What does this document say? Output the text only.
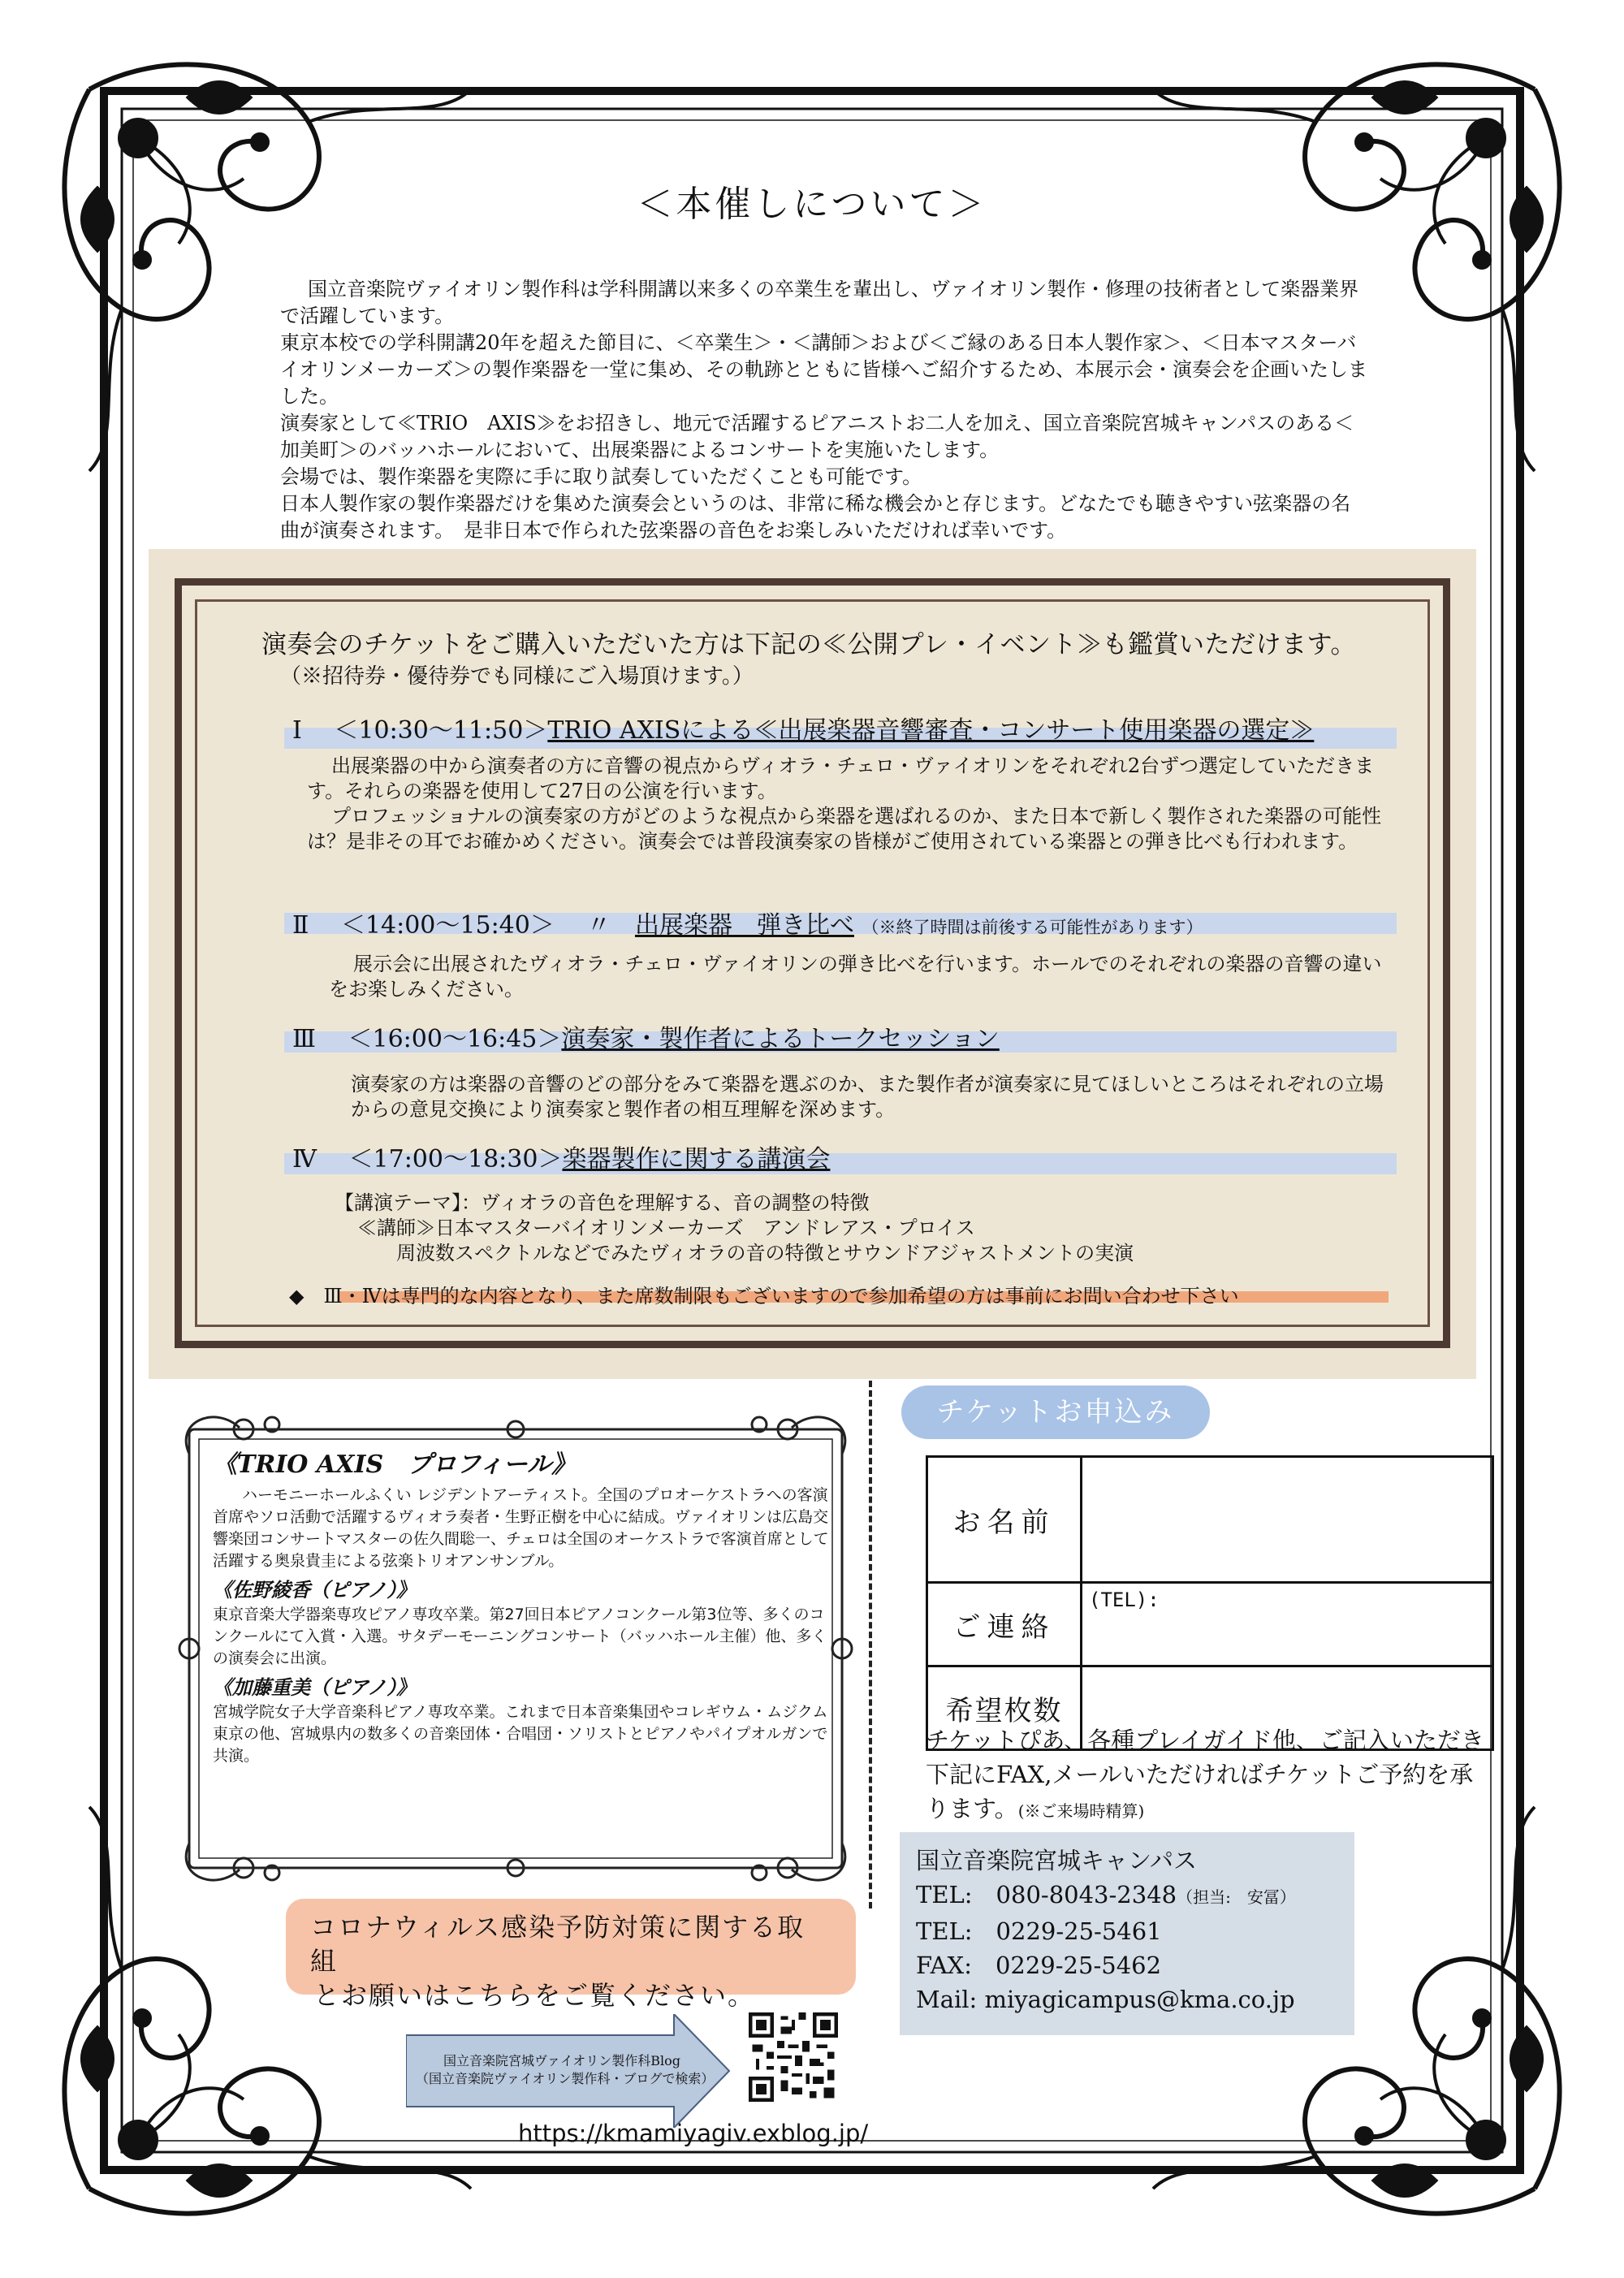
＜本催しについて＞

国立音楽院ヴァイオリン製作科は学科開講以来多くの卒業生を輩出し、ヴァイオリン製作・修理の技術者として楽器業界で活躍しています。

東京本校での学科開講20年を超えた節目に、＜卒業生＞・＜講師＞および＜ご縁のある日本人製作家＞、＜日本マスターバイオリンメーカーズ＞の製作楽器を一堂に集め、その軌跡とともに皆様へご紹介するため、本展示会・演奏会を企画いたしました。

演奏家として≪TRIO　AXIS≫をお招きし、地元で活躍するピアニストお二人を加え、国立音楽院宮城キャンパスのある＜加美町＞のバッハホールにおいて、出展楽器によるコンサートを実施いたします。

会場では、製作楽器を実際に手に取り試奏していただくことも可能です。

日本人製作家の製作楽器だけを集めた演奏会というのは、非常に稀な機会かと存じます。どなたでも聴きやすい弦楽器の名曲が演奏されます。　是非日本で作られた弦楽器の音色をお楽しみいただければ幸いです。

演奏会のチケットをご購入いただいた方は下記の≪公開プレ・イベント≫も鑑賞いただけます。
（※招待券・優待券でも同様にご入場頂けます。）
Ⅰ ＜10:30～11:50＞TRIO AXISによる≪出展楽器音響審査・コンサート使用楽器の選定≫

出展楽器の中から演奏者の方に音響の視点からヴィオラ・チェロ・ヴァイオリンをそれぞれ2台ずつ選定していただきます。それらの楽器を使用して27日の公演を行います。

プロフェッショナルの演奏家の方がどのような視点から楽器を選ばれるのか、また日本で新しく製作された楽器の可能性は？是非その耳でお確かめください。演奏会では普段演奏家の皆様がご使用されている楽器との弾き比べも行われます。

Ⅱ ＜14:00～15:40＞ 〃 出展楽器　弾き比べ （※終了時間は前後する可能性があります）

展示会に出展されたヴィオラ・チェロ・ヴァイオリンの弾き比べを行います。ホールでのそれぞれの楽器の音響の違いをお楽しみください。

Ⅲ ＜16:00～16:45＞演奏家・製作者によるトークセッション

演奏家の方は楽器の音響のどの部分をみて楽器を選ぶのか、また製作者が演奏家に見てほしいところはそれぞれの立場からの意見交換により演奏家と製作者の相互理解を深めます。

Ⅳ ＜17:00～18:30＞楽器製作に関する講演会

【講演テーマ】：ヴィオラの音色を理解する、音の調整の特徴

≪講師≫日本マスターバイオリンメーカーズ　アンドレアス・プロイス

周波数スペクトルなどでみたヴィオラの音の特徴とサウンドアジャストメントの実演

◆　Ⅲ・Ⅳは専門的な内容となり、また席数制限もございますので参加希望の方は事前にお問い合わせ下さい
《TRIO AXIS　プロフィール》

ハーモニーホールふくい レジデントアーティスト。全国のプロオーケストラへの客演首席やソロ活動で活躍するヴィオラ奏者・生野正樹を中心に結成。ヴァイオリンは広島交響楽団コンサートマスターの佐久間聡一、チェロは全国のオーケストラで客演首席として活躍する奥泉貴圭による弦楽トリオアンサンブル。

《佐野綾香（ピアノ）》

東京音楽大学器楽専攻ピアノ専攻卒業。第27回日本ピアノコンクール第3位等、多くのコンクールにて入賞・入選。サタデーモーニングコンサート（バッハホール主催）他、多くの演奏会に出演。

《加藤重美（ピアノ）》

宮城学院女子大学音楽科ピアノ専攻卒業。これまで日本音楽集団やコレギウム・ムジクム東京の他、宮城県内の数多くの音楽団体・合唱団・ソリストとピアノやパイプオルガンで共演。

チケットお申込み
お名前	
ご連絡	(TEL):
希望枚数	
チケットぴあ、各種プレイガイド他、ご記入いただき下記にFAX,メールいただければチケットご予約を承ります。(※ご来場時精算)
国立音楽院宮城キャンパス
TEL:　080-8043-2348（担当:　安冨）
TEL:　0229-25-5461
FAX:　0229-25-5462
Mail: miyagicampus@kma.co.jp
コロナウィルス感染予防対策に関する取組
とお願いはこちらをご覧ください。
国立音楽院宮城ヴァイオリン製作科Blog
（国立音楽院ヴァイオリン製作科・ブログで検索）
https://kmamiyagiv.exblog.jp/
